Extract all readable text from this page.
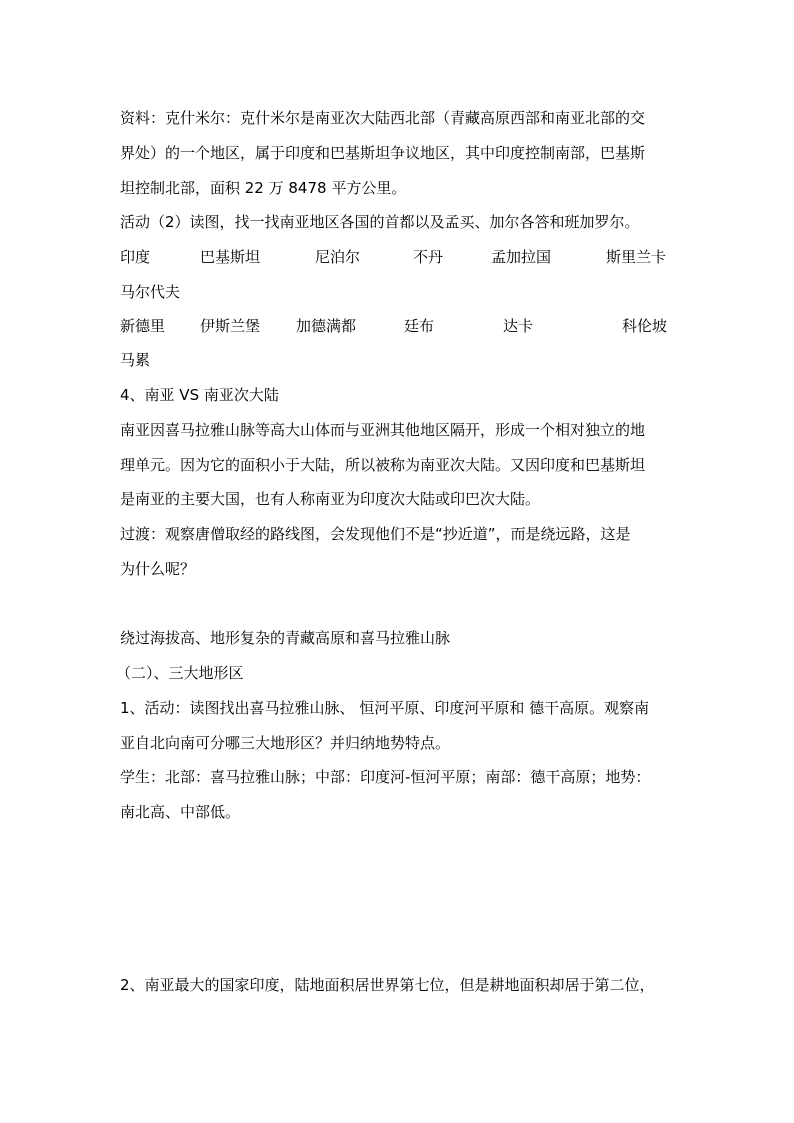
资料：克什米尔：克什米尔是南亚次大陆西北部（青藏高原西部和南亚北部的交
界处）的一个地区，属于印度和巴基斯坦争议地区，其中印度控制南部，巴基斯
坦控制北部，面积 22 万 8478 平方公里。
活动（2）读图，找一找南亚地区各国的首都以及孟买、加尔各答和班加罗尔。
印度	巴基斯坦	尼泊尔	不丹	孟加拉国	斯里兰卡
马尔代夫
新德里 伊斯兰堡 加德满都	廷布	达卡	科伦坡
马累
4、南亚 VS 南亚次大陆
南亚因喜马拉雅山脉等高大山体而与亚洲其他地区隔开，形成一个相对独立的地
理单元。因为它的面积小于大陆，所以被称为南亚次大陆。又因印度和巴基斯坦
是南亚的主要大国，也有人称南亚为印度次大陆或印巴次大陆。
过渡：观察唐僧取经的路线图，会发现他们不是“抄近道”，而是绕远路，这是
为什么呢？
绕过海拔高、地形复杂的青藏高原和喜马拉雅山脉
（二）、三大地形区
1、活动：读图找出喜马拉雅山脉、 恒河平原、印度河平原和 德干高原。观察南
亚自北向南可分哪三大地形区？并归纳地势特点。
学生：北部：喜马拉雅山脉；中部：印度河-恒河平原；南部：德干高原；地势：
南北高、中部低。
2、南亚最大的国家印度，陆地面积居世界第七位，但是耕地面积却居于第二位，
